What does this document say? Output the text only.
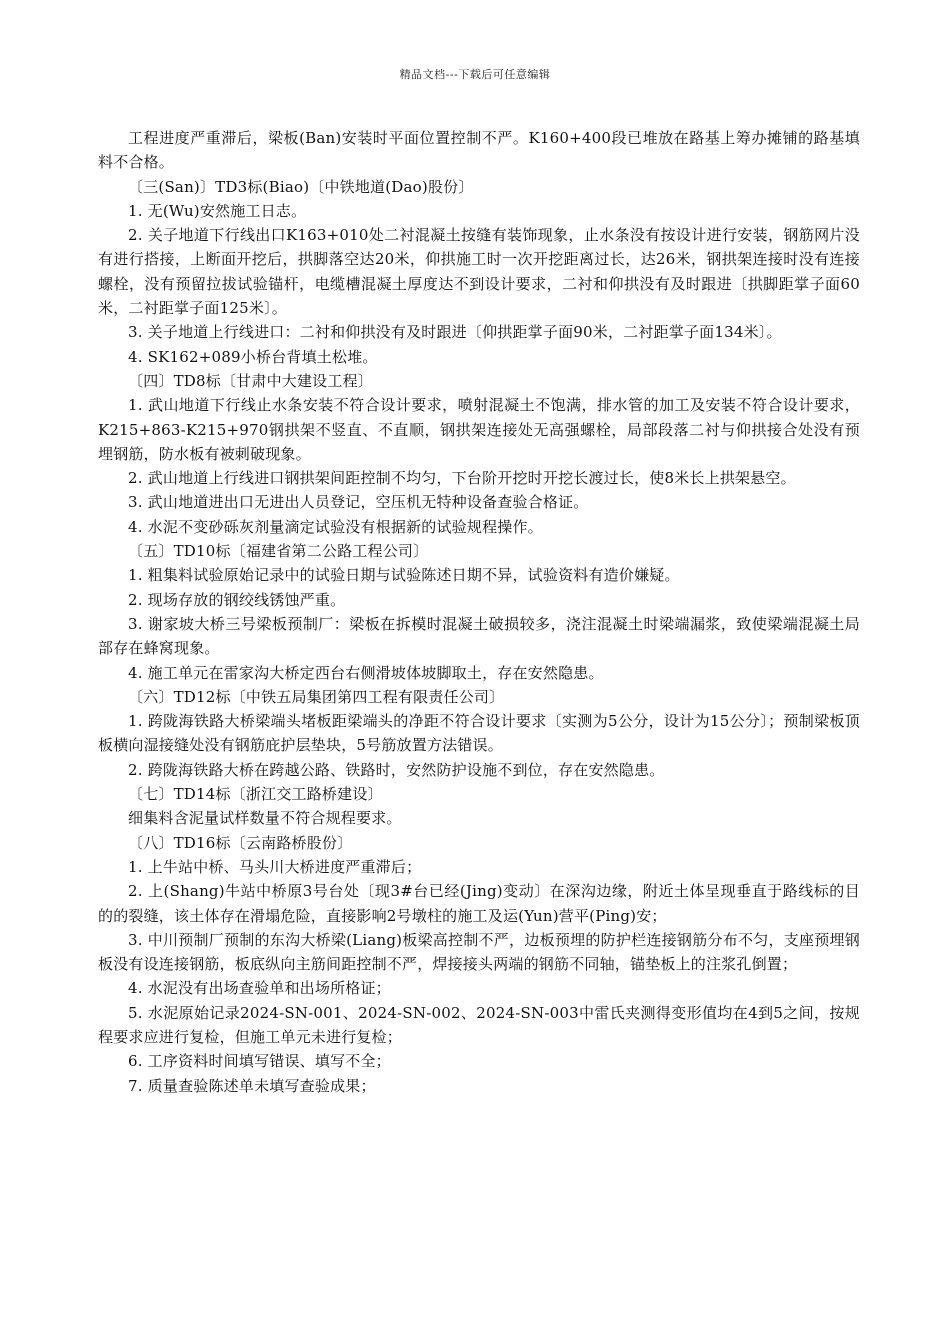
精品文档---下载后可任意编辑

工程进度严重滞后，梁板(Ban)安装时平面位置控制不严。K160+400段已堆放在路基上筹办摊铺的路基填料不合格。

〔三(San)〕TD3标(Biao)〔中铁地道(Dao)股份〕

1. 无(Wu)安然施工日志。

2. 关子地道下行线出口K163+010处二衬混凝土按缝有装饰现象，止水条没有按设计进行安装，钢筋网片没有进行搭接，上断面开挖后，拱脚落空达20米，仰拱施工时一次开挖距离过长，达26米，钢拱架连接时没有连接螺栓，没有预留拉拔试验锚杆，电缆槽混凝土厚度达不到设计要求，二衬和仰拱没有及时跟进〔拱脚距掌子面60米，二衬距掌子面125米〕。

3. 关子地道上行线进口：二衬和仰拱没有及时跟进〔仰拱距掌子面90米，二衬距掌子面134米〕。

4. SK162+089小桥台背填土松堆。

〔四〕TD8标〔甘肃中大建设工程〕

1. 武山地道下行线止水条安装不符合设计要求，喷射混凝土不饱满，排水管的加工及安装不符合设计要求，K215+863-K215+970钢拱架不竖直、不直顺，钢拱架连接处无高强螺栓，局部段落二衬与仰拱接合处没有预埋钢筋，防水板有被刺破现象。

2. 武山地道上行线进口钢拱架间距控制不均匀，下台阶开挖时开挖长渡过长，使8米长上拱架悬空。

3. 武山地道进出口无进出人员登记，空压机无特种设备查验合格证。

4. 水泥不变砂砾灰剂量滴定试验没有根据新的试验规程操作。

〔五〕TD10标〔福建省第二公路工程公司〕

1. 粗集料试验原始记录中的试验日期与试验陈述日期不异，试验资料有造价嫌疑。

2. 现场存放的钢绞线锈蚀严重。

3. 谢家坡大桥三号梁板预制厂：梁板在拆模时混凝土破损较多，浇注混凝土时梁端漏浆，致使梁端混凝土局部存在蜂窝现象。

4. 施工单元在雷家沟大桥定西台右侧滑坡体坡脚取土，存在安然隐患。

〔六〕TD12标〔中铁五局集团第四工程有限责任公司〕

1. 跨陇海铁路大桥梁端头堵板距梁端头的净距不符合设计要求〔实测为5公分，设计为15公分〕；预制梁板顶板横向湿接缝处没有钢筋庇护层垫块，5号筋放置方法错误。

2. 跨陇海铁路大桥在跨越公路、铁路时，安然防护设施不到位，存在安然隐患。

〔七〕TD14标〔浙江交工路桥建设〕

细集料含泥量试样数量不符合规程要求。

〔八〕TD16标〔云南路桥股份〕

1. 上牛站中桥、马头川大桥进度严重滞后；

2. 上(Shang)牛站中桥原3号台处〔现3#台已经(Jing)变动〕在深沟边缘，附近土体呈现垂直于路线标的目的的裂缝，该土体存在滑塌危险，直接影响2号墩柱的施工及运(Yun)营平(Ping)安；

3. 中川预制厂预制的东沟大桥梁(Liang)板梁高控制不严，边板预埋的防护栏连接钢筋分布不匀，支座预埋钢板没有设连接钢筋，板底纵向主筋间距控制不严，焊接接头两端的钢筋不同轴，锚垫板上的注浆孔倒置；

4. 水泥没有出场查验单和出场所格证；

5. 水泥原始记录2024-SN-001、2024-SN-002、2024-SN-003中雷氏夹测得变形值均在4到5之间，按规程要求应进行复检，但施工单元未进行复检；

6. 工序资料时间填写错误、填写不全；

7. 质量查验陈述单未填写查验成果；
